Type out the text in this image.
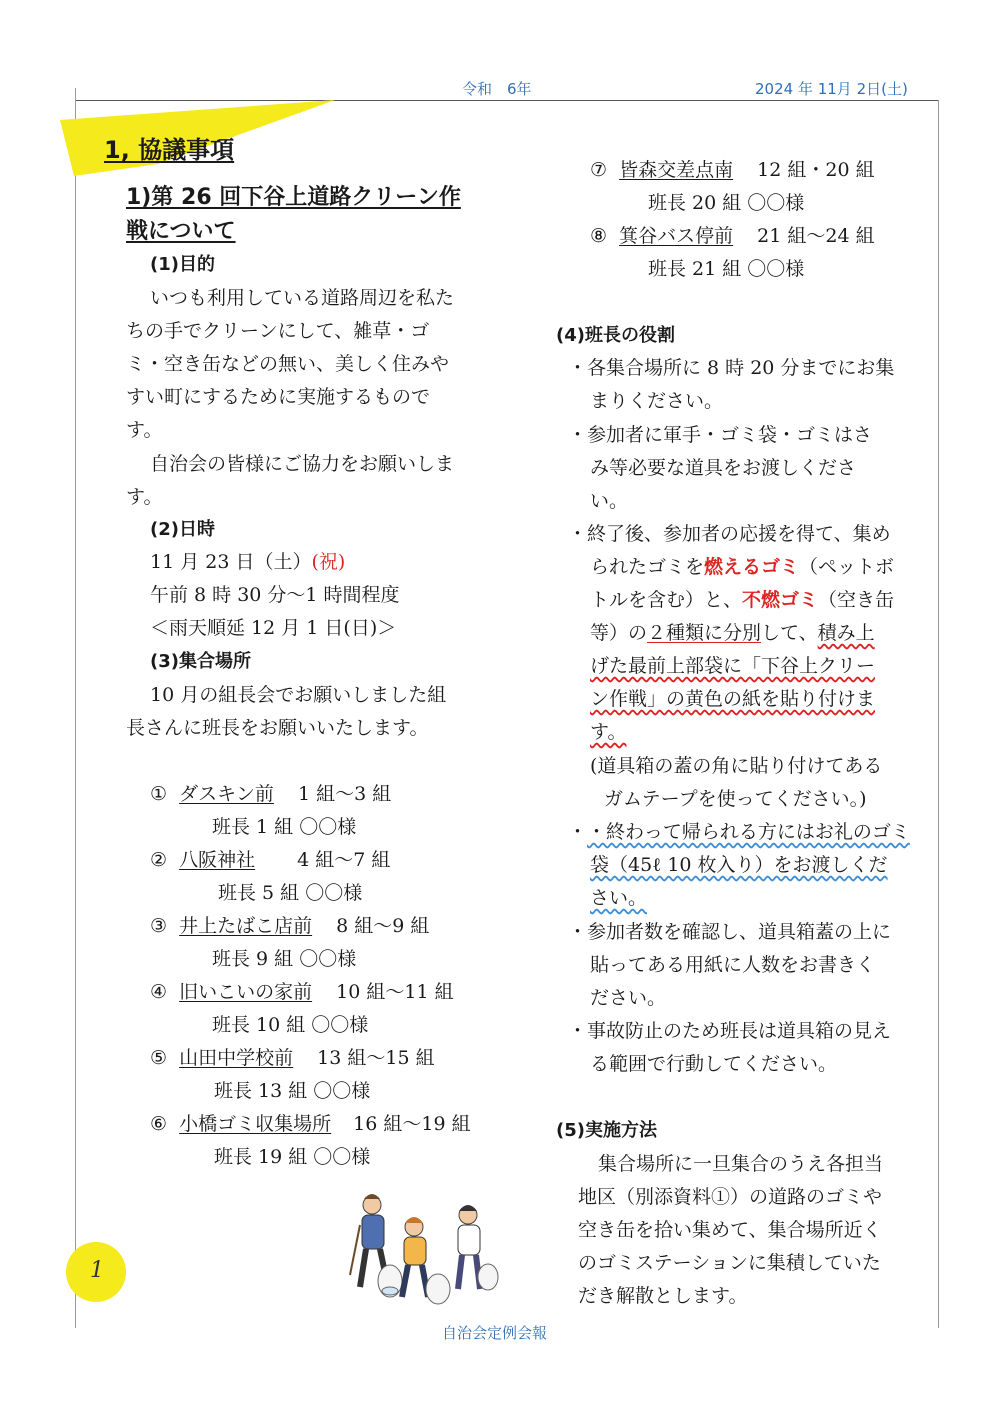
令和　6年	2024 年 11月 2日(土)
1, 協議事項
1)第 26 回下谷上道路クリーン作
戦について
(1)目的
いつも利用している道路周辺を私た
ちの手でクリーンにして、雑草・ゴ
ミ・空き缶などの無い、美しく住みや
すい町にするために実施するもので
す。
自治会の皆様にご協力をお願いしま
す。
(2)日時
11 月 23 日（土）(祝)
午前 8 時 30 分～1 時間程度
＜雨天順延 12 月 1 日(日)＞
(3)集合場所
10 月の組長会でお願いしました組
長さんに班長をお願いいたします。
① ダスキン前 1 組～3 組
班長 1 組 〇〇様
② 八阪神社 4 組～7 組
班長 5 組 〇〇様
③ 井上たばこ店前 8 組～9 組
班長 9 組 〇〇様
④ 旧いこいの家前 10 組～11 組
班長 10 組 〇〇様
⑤ 山田中学校前 13 組～15 組
班長 13 組 〇〇様
⑥ 小橋ゴミ収集場所 16 組～19 組
班長 19 組 〇〇様
⑦ 皆森交差点南 12 組・20 組
班長 20 組 〇〇様
⑧ 箕谷バス停前 21 組～24 組
班長 21 組 〇〇様
(4)班長の役割
・各集合場所に 8 時 20 分までにお集
まりください。
・参加者に軍手・ゴミ袋・ゴミはさ
み等必要な道具をお渡しくださ
い。
・終了後、参加者の応援を得て、集め
られたゴミを燃えるゴミ（ペットボ
トルを含む）と、不燃ゴミ（空き缶
等）の２種類に分別して、積み上
げた最前上部袋に「下谷上クリー
ン作戦」の黄色の紙を貼り付けま
す。
(道具箱の蓋の角に貼り付けてある
ガムテープを使ってください。)
・・終わって帰られる方にはお礼のゴミ
袋（45ℓ 10 枚入り）をお渡しくだ
さい。
・参加者数を確認し、道具箱蓋の上に
貼ってある用紙に人数をお書きく
ださい。
・事故防止のため班長は道具箱の見え
る範囲で行動してください。
(5)実施方法
集合場所に一旦集合のうえ各担当
地区（別添資料①）の道路のゴミや
空き缶を拾い集めて、集合場所近く
のゴミステーションに集積していた
だき解散とします。
1
自治会定例会報
